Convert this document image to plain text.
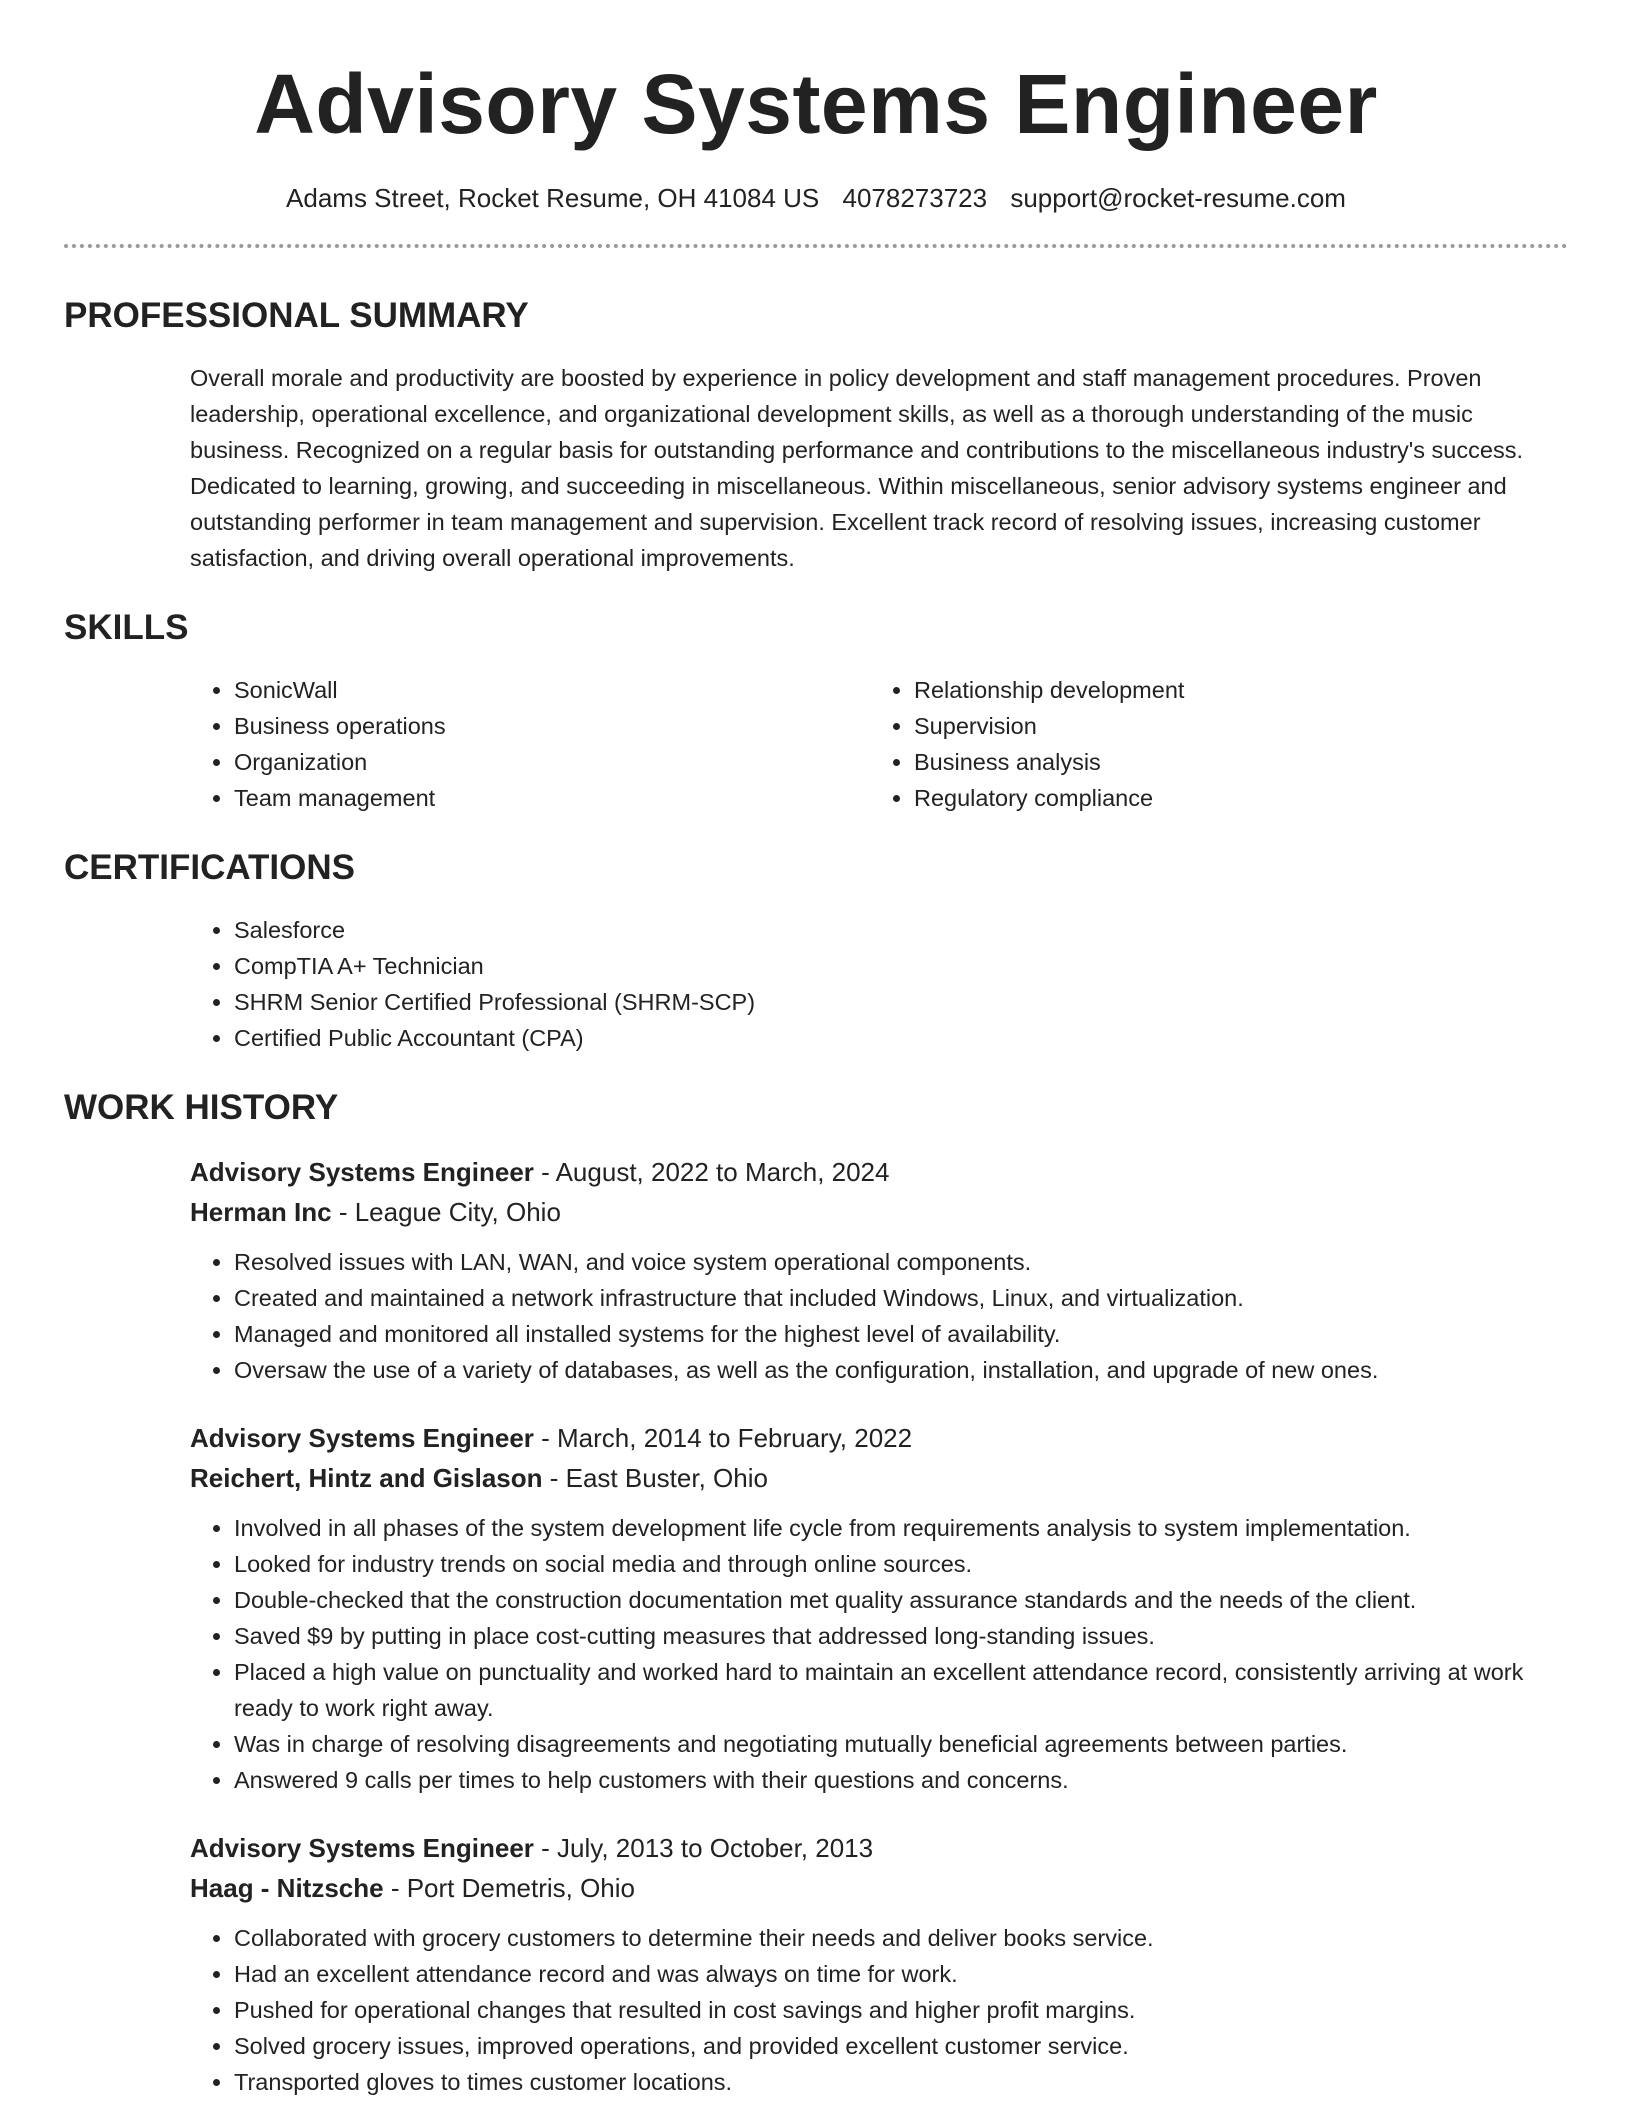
Advisory Systems Engineer
Adams Street, Rocket Resume, OH 41084 US 4078273723 support@rocket-resume.com
PROFESSIONAL SUMMARY

Overall morale and productivity are boosted by experience in policy development and staff management procedures. Proven leadership, operational excellence, and organizational development skills, as well as a thorough understanding of the music business. Recognized on a regular basis for outstanding performance and contributions to the miscellaneous industry's success. Dedicated to learning, growing, and succeeding in miscellaneous. Within miscellaneous, senior advisory systems engineer and outstanding performer in team management and supervision. Excellent track record of resolving issues, increasing customer satisfaction, and driving overall operational improvements.

SKILLS
• SonicWall
• Business operations
• Organization
• Team management
• Relationship development
• Supervision
• Business analysis
• Regulatory compliance
CERTIFICATIONS
• Salesforce
• CompTIA A+ Technician
• SHRM Senior Certified Professional (SHRM-SCP)
• Certified Public Accountant (CPA)
WORK HISTORY
Advisory Systems Engineer - August, 2022 to March, 2024
Herman Inc - League City, Ohio
• Resolved issues with LAN, WAN, and voice system operational components.
• Created and maintained a network infrastructure that included Windows, Linux, and virtualization.
• Managed and monitored all installed systems for the highest level of availability.
• Oversaw the use of a variety of databases, as well as the configuration, installation, and upgrade of new ones.
Advisory Systems Engineer - March, 2014 to February, 2022
Reichert, Hintz and Gislason - East Buster, Ohio
• Involved in all phases of the system development life cycle from requirements analysis to system implementation.
• Looked for industry trends on social media and through online sources.
• Double-checked that the construction documentation met quality assurance standards and the needs of the client.
• Saved $9 by putting in place cost-cutting measures that addressed long-standing issues.
• Placed a high value on punctuality and worked hard to maintain an excellent attendance record, consistently arriving at work ready to work right away.
• Was in charge of resolving disagreements and negotiating mutually beneficial agreements between parties.
• Answered 9 calls per times to help customers with their questions and concerns.
Advisory Systems Engineer - July, 2013 to October, 2013
Haag - Nitzsche - Port Demetris, Ohio
• Collaborated with grocery customers to determine their needs and deliver books service.
• Had an excellent attendance record and was always on time for work.
• Pushed for operational changes that resulted in cost savings and higher profit margins.
• Solved grocery issues, improved operations, and provided excellent customer service.
• Transported gloves to times customer locations.
